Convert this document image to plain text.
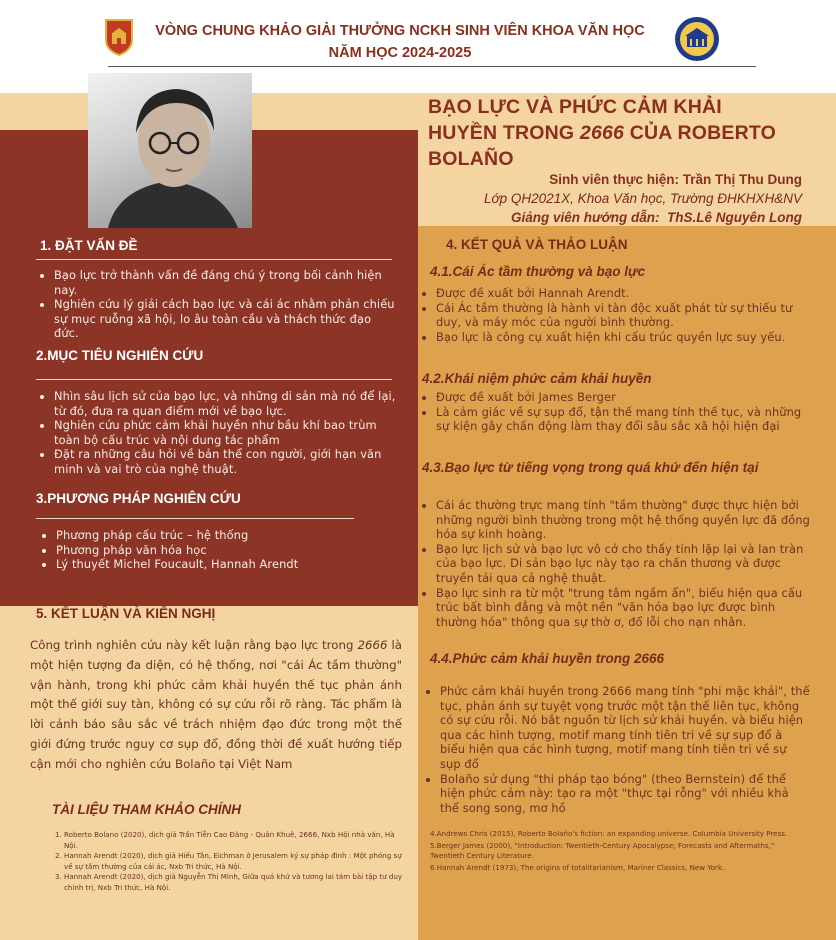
VÒNG CHUNG KHẢO GIẢI THƯỞNG NCKH SINH VIÊN KHOA VĂN HỌC
NĂM HỌC 2024-2025
BẠO LỰC VÀ PHỨC CẢM KHẢI
HUYỀN TRONG 2666 CỦA ROBERTO
BOLAÑO
Sinh viên thực hiện: Trần Thị Thu Dung
Lớp QH2021X, Khoa Văn học, Trường ĐHKHXH&NV
Giảng viên hướng dẫn: ThS.Lê Nguyên Long
1. ĐẶT VẤN ĐỀ
• Bạo lực trở thành vấn đề đáng chú ý trong bối cảnh hiện nay.
• Nghiên cứu lý giải cách bạo lực và cái ác nhằm phản chiếu sự mục ruỗng xã hội, lo âu toàn cầu và thách thức đạo đức.
2.MỤC TIÊU NGHIÊN CỨU
• Nhìn sâu lịch sử của bạo lực, và những di sản mà nó để lại, từ đó, đưa ra quan điểm mới về bạo lực.
• Nghiên cứu phức cảm khải huyền như bầu khí bao trùm toàn bộ cấu trúc và nội dung tác phẩm
• Đặt ra những câu hỏi về bản thể con người, giới hạn văn minh và vai trò của nghệ thuật.
3.PHƯƠNG PHÁP NGHIÊN CỨU
• Phương pháp cấu trúc – hệ thống
• Phương pháp văn hóa học
• Lý thuyết Michel Foucault, Hannah Arendt
5. KẾT LUẬN VÀ KIẾN NGHỊ
Công trình nghiên cứu này kết luận rằng bạo lực trong 2666 là một hiện tượng đa diện, có hệ thống, nơi "cái Ác tầm thường" vận hành, trong khi phức cảm khải huyền thế tục phản ánh một thế giới suy tàn, không có sự cứu rỗi rõ ràng. Tác phẩm là lời cảnh báo sâu sắc về trách nhiệm đạo đức trong một thế giới đứng trước nguy cơ sụp đổ, đồng thời đề xuất hướng tiếp cận mới cho nghiên cứu Bolaño tại Việt Nam
TÀI LIỆU THAM KHẢO CHÍNH
1. Roberto Bolano (2020), dịch giả Trần Tiễn Cao Đăng - Quân Khuê, 2666, Nxb Hội nhà văn, Hà Nội.
2. Hannah Arendt (2020), dịch giả Hiếu Tân, Eichman ở Jerusalem ký sự pháp đình : Một phóng sự về sự tầm thường của cái ác, Nxb Tri thức, Hà Nội.
3. Hannah Arendt (2020), dịch giả Nguyễn Thị Minh, Giữa quá khứ và tương lai tám bài tập tư duy chính trị, Nxb Tri thức, Hà Nội.
4. KẾT QUẢ VÀ THẢO LUẬN
4.1.Cái Ác tầm thường và bạo lực
• Được đề xuất bởi Hannah Arendt.
• Cái Ác tầm thường là hành vi tàn độc xuất phát từ sự thiếu tư duy, và máy móc của người bình thường.
• Bạo lực là công cụ xuất hiện khi cấu trúc quyền lực suy yếu.
4.2.Khái niệm phức cảm khải huyền
• Được đề xuất bởi James Berger
• Là cảm giác về sự sụp đổ, tận thế mang tính thế tục, và những sự kiện gây chấn động làm thay đổi sâu sắc xã hội hiện đại
4.3.Bạo lực từ tiếng vọng trong quá khứ đến hiện tại
• Cái ác thường trực mang tính "tầm thường" được thực hiện bởi những người bình thường trong một hệ thống quyền lực đã đồng hóa sự kinh hoàng.
• Bạo lực lịch sử và bạo lực vô cớ cho thấy tính lặp lại và lan tràn của bạo lực. Di sản bạo lực này tạo ra chấn thương và được truyền tải qua cả nghệ thuật.
• Bạo lực sinh ra từ một "trung tâm ngầm ẩn", biểu hiện qua cấu trúc bất bình đẳng và một nền "văn hóa bạo lực được bình thường hóa" thông qua sự thờ ơ, đổ lỗi cho nạn nhân.
4.4.Phức cảm khải huyền trong 2666
• Phức cảm khải huyền trong 2666 mang tính "phi mặc khải", thế tục, phản ánh sự tuyệt vọng trước một tận thế liên tục, không có sự cứu rỗi. Nó bắt nguồn từ lịch sử khải huyền. và biểu hiện qua các hình tượng, motif mang tính tiên tri về sự sụp đổ à biểu hiện qua các hình tượng, motif mang tính tiên tri về sự sụp đổ
• Bolaño sử dụng "thi pháp tạo bóng" (theo Bernstein) để thể hiện phức cảm này: tạo ra một "thực tại rỗng" với nhiều khả thể song song, mơ hồ
4.Andrews Chris (2015), Roberto Bolaño's fiction: an expanding universe. Columbia University Press.
5.Berger James (2000), "Introduction: Twentieth-Century Apocalypse; Forecasts and Aftermaths," Twentieth Century Literature.
6.Hannah Arendt (1973), The origins of totalitarianism, Mariner Classics, New York.
